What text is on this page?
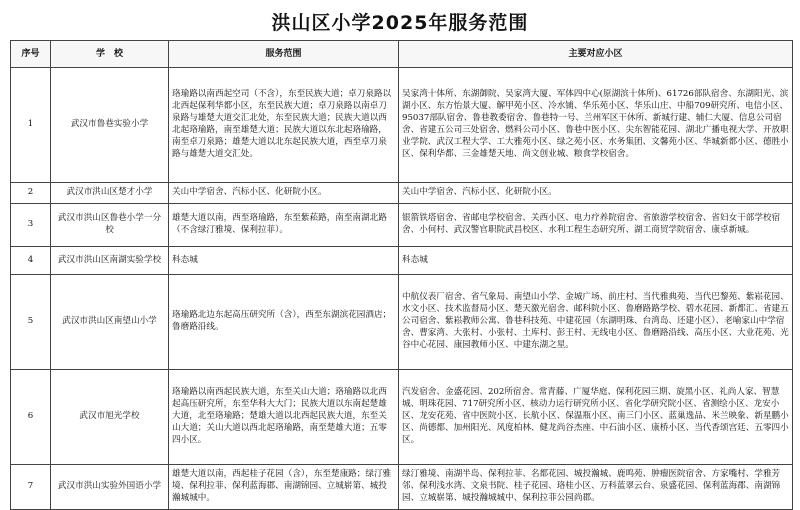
洪山区小学2025年服务范围
序号	学　校	服务范围	主要对应小区
1	武汉市鲁巷实验小学	珞瑜路以南西起空司（不含），东至民族大道；卓刀泉路以北西起保利华都小区，东至民族大道；卓刀泉路以南卓刀泉路与雄楚大道交汇北处，东至民族大道；民族大道以西北起珞瑜路，南至雄楚大道；民族大道以东北起珞瑜路，南至卓刀泉路；雄楚大道以北东起民族大道，西至卓刀泉路与雄楚大道交汇处。	吴家湾十体所、东湖御院、吴家湾大厦、军体四中心(原湖滨十体所)、61726部队宿舍、东湖阳光、滨湖小区、东方怡景大厦、解甲苑小区、冷水铺、华乐苑小区、华乐山庄、中船709研究所、电信小区、95037部队宿舍、鲁巷教委宿舍、鲁巷特一号、兰州军区干休所、新城行建、辅仁大厦、信息公司宿舍、省建五公司三处宿舍、燃料公司小区、鲁巷中医小区、尖东智能花园、湖北广播电视大学、开放职业学院、武汉工程大学、工大雅苑小区、绿之苑小区、水务集团、文馨苑小区、华城新都小区、德胜小区、保利华都、三金雄楚天地、尚文创业城、粮食学校宿舍。
2	武汉市洪山区楚才小学	关山中学宿舍、汽标小区、化研院小区。	关山中学宿舍、汽标小区、化研院小区。
3	武汉市洪山区鲁巷小学一分校	雄楚大道以南，西至珞瑜路，东至紫菘路，南至南湖北路（不含绿汀雅境、保利拉菲）。	银箭铁塔宿舍、省邮电学校宿舍、关西小区、电力疗养院宿舍、省旅游学校宿舍、省妇女干部学校宿舍、小何村、武汉警官职院武昌校区、水利工程生态研究所、湖工商贸学院宿舍、康卓新城。
4	武汉市洪山区南湖实验学校	科态城	科态城
5	武汉市洪山区南望山小学	珞瑜路北边东起高压研究所（含），西至东湖滨花园酒店；鲁磨路沿线。	中航仪表厂宿舍、省气象局、南望山小学、金城广场、前庄村、当代雅典苑、当代巴黎苑、紫崧花园、水文小区、技术监督局小区、楚天激光宿舍、邮科院小区、鲁磨路路学校、碧水花园、新都汇、省建五公司宿舍、紫崧教师公寓、鲁巷科技苑、中建花园（东湖明珠、台湾岛、还建小区）、老喻家山中学宿舍、曹家湾、大张村、小张村、土库村、彭王村、无线电小区、鲁磨路沿线、高压小区、大业花苑、光谷中心花园、康园教师小区、中建东湖之星。
6	武汉市旭光学校	珞瑜路以南西起民族大道，东至关山大道；珞瑜路以北西起高压研究所，东至华科大大门；民族大道以东南起楚雄大道，北至珞瑜路；楚雄大道以北西起民族大道，东至关山大道；关山大道以西北起珞瑜路，南至楚雄大道；五零四小区。	汽发宿舍、金盛花园、202所宿舍、常青藤、广厦华庭、保利花园三期、旋黑小区、礼尚人家、智慧城、明珠花园、717研究所小区、核动力运行研究所小区、省化学研究院小区、省测绘小区、龙安小区、龙安花苑、省中医院小区、长航小区、保温瓶小区、南三门小区、蓝巢逸品、米兰映象、新星鹏小区、尚德都、加州阳光、风度柏林、健龙尚谷杰座、中石油小区、康桥小区、当代香颂宫廷、五零四小区。
7	武汉市洪山实验外国语小学	雄楚大道以南，西起桂子花园（含），东至楚康路；绿汀雅境、保利拉菲、保利蓝海郡、南湖锦园、立城崭第、城投瀚城城中。	绿汀雅境、南湖半岛、保利拉菲、名都花园、城投瀚城、鹿鸣苑、肿瘤医院宿舍、方家嘴村、学雅芳邻、保利浅水湾、文泉书院、桂子花园、珞桂小区、万科蓝翠云台、泉盛花园、保利蓝海郡、南湖锦园、立城崭第、城投瀚城城中、保利拉菲公园尚郡。
